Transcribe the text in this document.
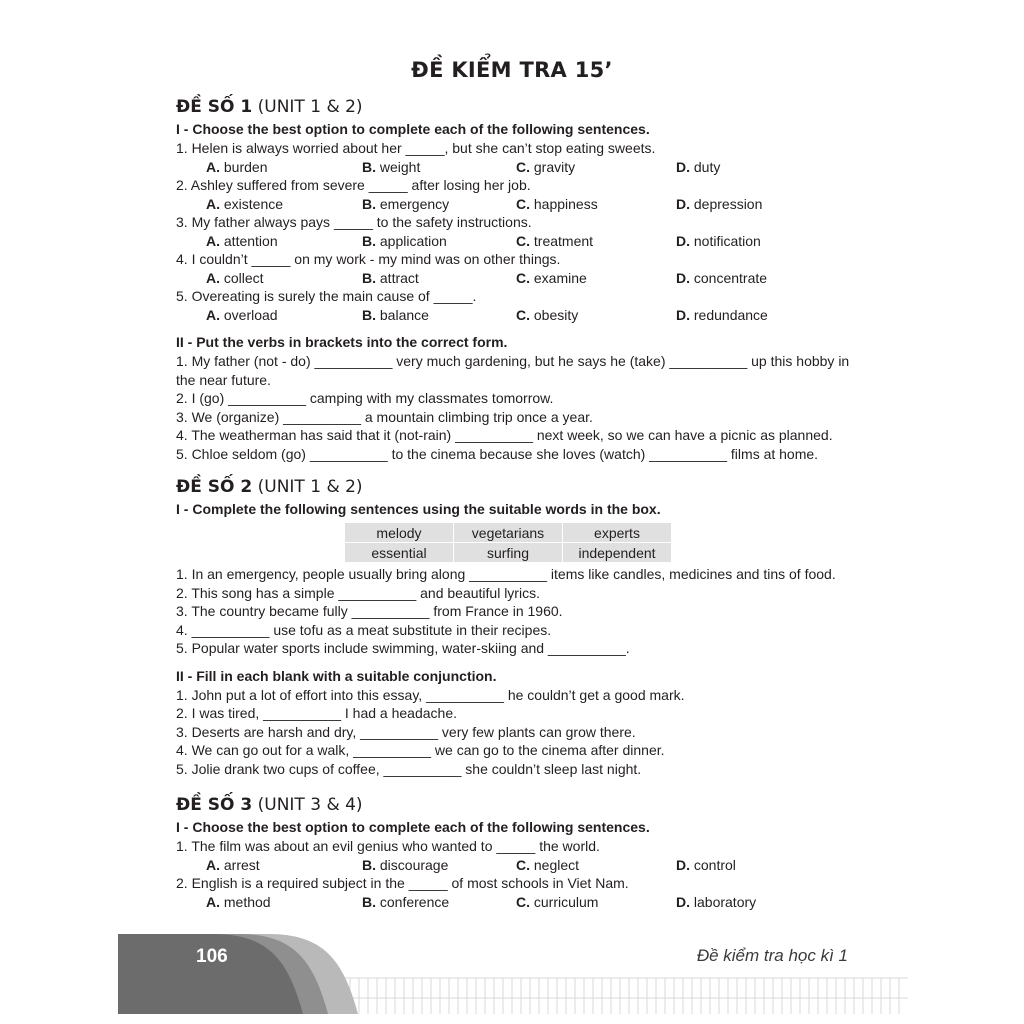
ĐỀ KIỂM TRA 15’
ĐỀ SỐ 1 (UNIT 1 & 2)
I - Choose the best option to complete each of the following sentences.
1. Helen is always worried about her _____, but she can’t stop eating sweets.
A. burden	B. weight	C. gravity	D. duty
2. Ashley suffered from severe _____ after losing her job.
A. existence	B. emergency	C. happiness	D. depression
3. My father always pays _____ to the safety instructions.
A. attention	B. application	C. treatment	D. notification
4. I couldn’t _____ on my work - my mind was on other things.
A. collect	B. attract	C. examine	D. concentrate
5. Overeating is surely the main cause of _____.
A. overload	B. balance	C. obesity	D. redundance
II - Put the verbs in brackets into the correct form.
1. My father (not - do) __________ very much gardening, but he says he (take) __________ up this hobby in
the near future.
2. I (go) __________ camping with my classmates tomorrow.
3. We (organize) __________ a mountain climbing trip once a year.
4. The weatherman has said that it (not-rain) __________ next week, so we can have a picnic as planned.
5. Chloe seldom (go) __________ to the cinema because she loves (watch) __________ films at home.
ĐỀ SỐ 2 (UNIT 1 & 2)
I - Complete the following sentences using the suitable words in the box.
melody	vegetarians	experts
essential	surfing	independent
1. In an emergency, people usually bring along __________ items like candles, medicines and tins of food.
2. This song has a simple __________ and beautiful lyrics.
3. The country became fully __________ from France in 1960.
4. __________ use tofu as a meat substitute in their recipes.
5. Popular water sports include swimming, water-skiing and __________.
II - Fill in each blank with a suitable conjunction.
1. John put a lot of effort into this essay, __________ he couldn’t get a good mark.
2. I was tired, __________ I had a headache.
3. Deserts are harsh and dry, __________ very few plants can grow there.
4. We can go out for a walk, __________ we can go to the cinema after dinner.
5. Jolie drank two cups of coffee, __________ she couldn’t sleep last night.
ĐỀ SỐ 3 (UNIT 3 & 4)
I - Choose the best option to complete each of the following sentences.
1. The film was about an evil genius who wanted to _____ the world.
A. arrest	B. discourage	C. neglect	D. control
2. English is a required subject in the _____ of most schools in Viet Nam.
A. method	B. conference	C. curriculum	D. laboratory
106	Đề kiểm tra học kì 1
